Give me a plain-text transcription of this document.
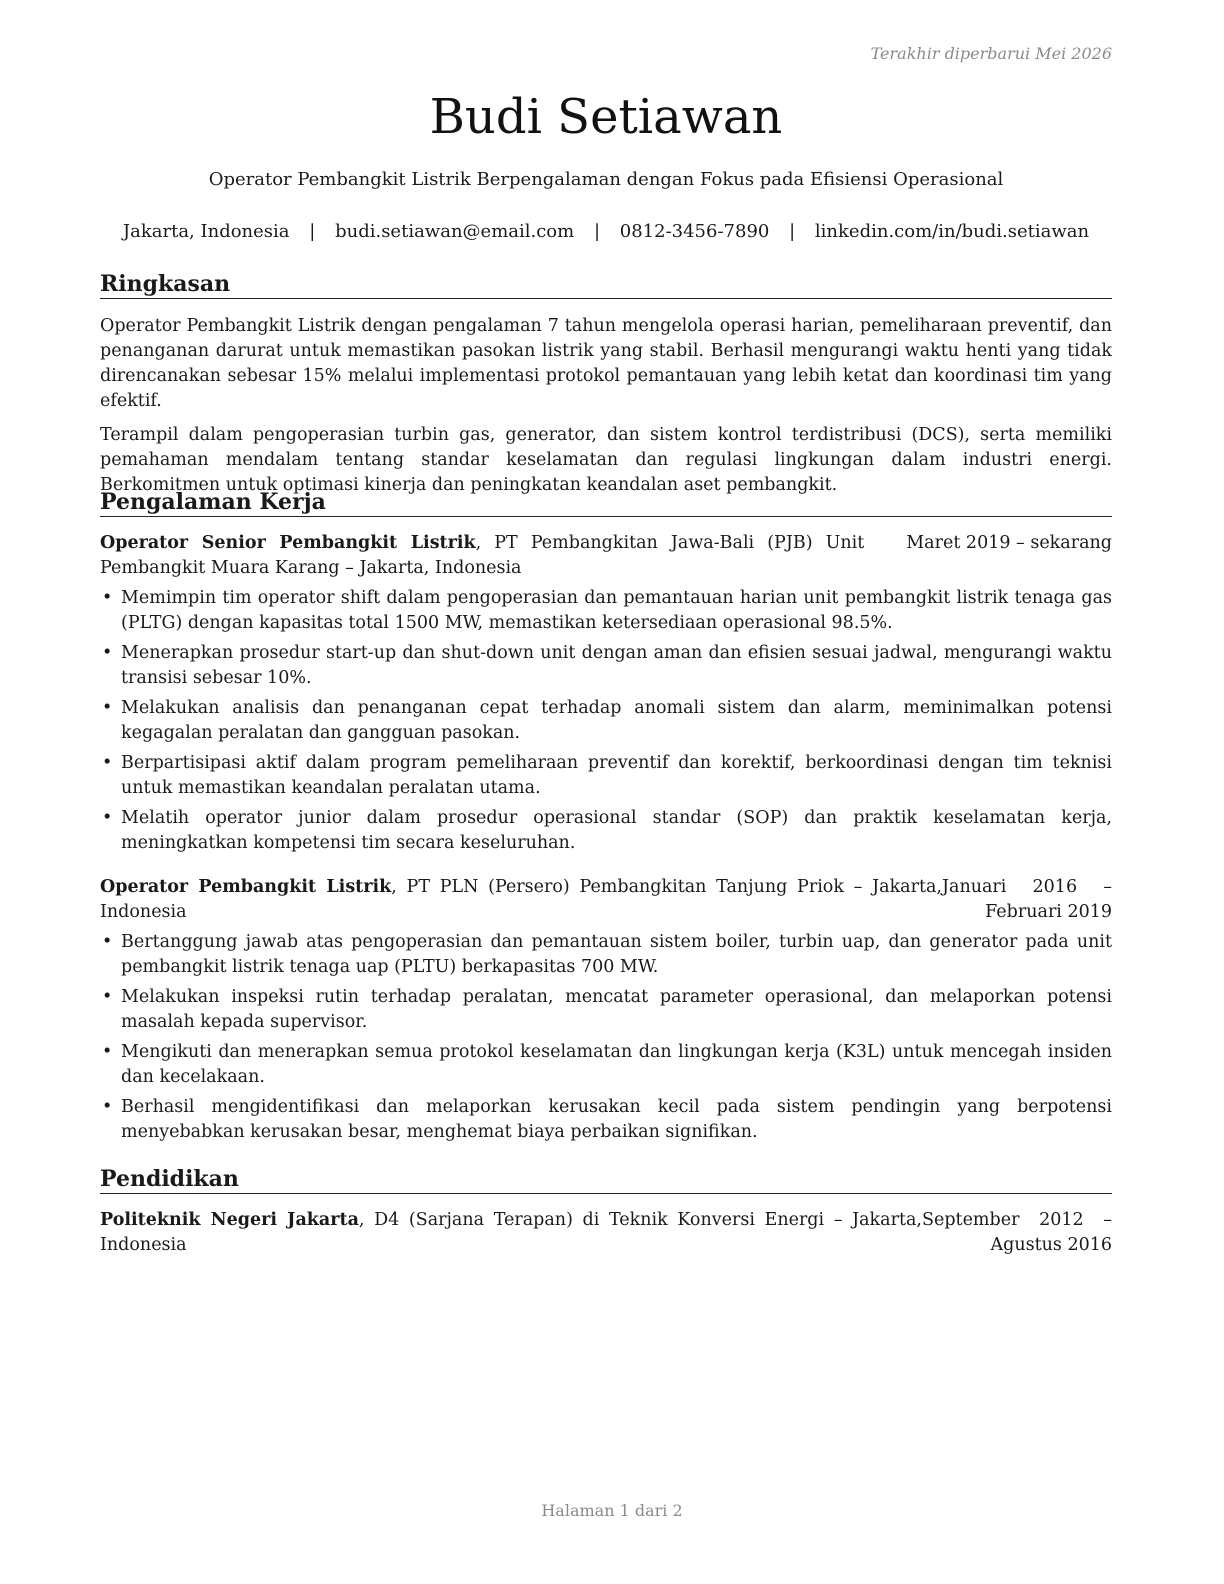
Terakhir diperbarui Mei 2026
Budi Setiawan
Operator Pembangkit Listrik Berpengalaman dengan Fokus pada Efisiensi Operasional
Jakarta, Indonesia | budi.setiawan@email.com | 0812-3456-7890 | linkedin.com/in/budi.setiawan
Ringkasan

Operator Pembangkit Listrik dengan pengalaman 7 tahun mengelola operasi harian, pemeliharaan preventif, dan penanganan darurat untuk memastikan pasokan listrik yang stabil. Berhasil mengurangi waktu henti yang tidak direncanakan sebesar 15% melalui implementasi protokol pemantauan yang lebih ketat dan koordinasi tim yang efektif.

Terampil dalam pengoperasian turbin gas, generator, dan sistem kontrol terdistribusi (DCS), serta memiliki pemahaman mendalam tentang standar keselamatan dan regulasi lingkungan dalam industri energi. Berkomitmen untuk optimasi kinerja dan peningkatan keandalan aset pembangkit.

Pengalaman Kerja
Operator Senior Pembangkit Listrik, PT Pembangkitan Jawa-Bali (PJB) Unit Pembangkit Muara Karang – Jakarta, Indonesia
Maret 2019 – sekarang
• Memimpin tim operator shift dalam pengoperasian dan pemantauan harian unit pembangkit listrik tenaga gas (PLTG) dengan kapasitas total 1500 MW, memastikan ketersediaan operasional 98.5%.
• Menerapkan prosedur start-up dan shut-down unit dengan aman dan efisien sesuai jadwal, mengurangi waktu transisi sebesar 10%.
• Melakukan analisis dan penanganan cepat terhadap anomali sistem dan alarm, meminimalkan potensi kegagalan peralatan dan gangguan pasokan.
• Berpartisipasi aktif dalam program pemeliharaan preventif dan korektif, berkoordinasi dengan tim teknisi untuk memastikan keandalan peralatan utama.
• Melatih operator junior dalam prosedur operasional standar (SOP) dan praktik keselamatan kerja, meningkatkan kompetensi tim secara keseluruhan.
Operator Pembangkit Listrik, PT PLN (Persero) Pembangkitan Tanjung Priok – Jakarta, Indonesia
Januari 2016 – Februari 2019
• Bertanggung jawab atas pengoperasian dan pemantauan sistem boiler, turbin uap, dan generator pada unit pembangkit listrik tenaga uap (PLTU) berkapasitas 700 MW.
• Melakukan inspeksi rutin terhadap peralatan, mencatat parameter operasional, dan melaporkan potensi masalah kepada supervisor.
• Mengikuti dan menerapkan semua protokol keselamatan dan lingkungan kerja (K3L) untuk mencegah insiden dan kecelakaan.
• Berhasil mengidentifikasi dan melaporkan kerusakan kecil pada sistem pendingin yang berpotensi menyebabkan kerusakan besar, menghemat biaya perbaikan signifikan.
Pendidikan
Politeknik Negeri Jakarta, D4 (Sarjana Terapan) di Teknik Konversi Energi – Jakarta, Indonesia
September 2012 – Agustus 2016
Halaman 1 dari 2
